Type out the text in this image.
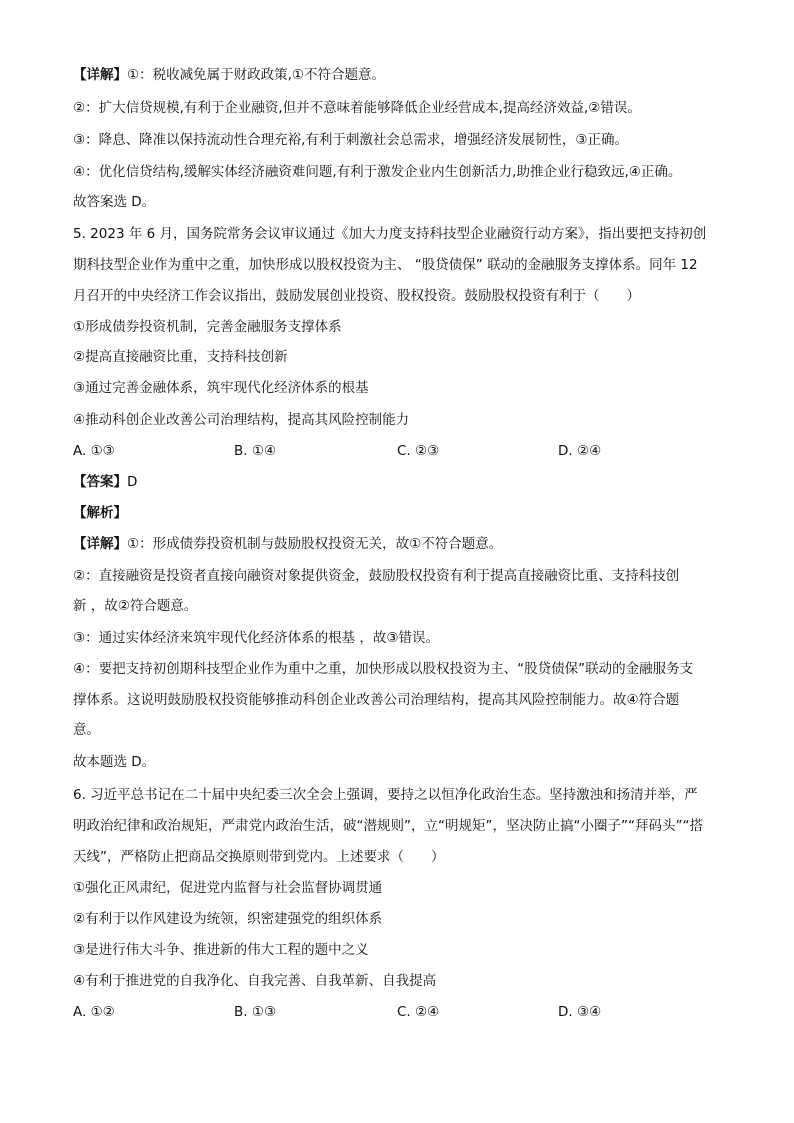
【详解】①：税收减免属于财政政策,①不符合题意。
②：扩大信贷规模,有利于企业融资,但并不意味着能够降低企业经营成本,提高经济效益,②错误。
③：降息、降准以保持流动性合理充裕,有利于刺激社会总需求，增强经济发展韧性，③正确。
④：优化信贷结构,缓解实体经济融资难问题,有利于激发企业内生创新活力,助推企业行稳致远,④正确。
故答案选 D。
5. 2023 年 6 月，国务院常务会议审议通过《加大力度支持科技型企业融资行动方案》，指出要把支持初创
期科技型企业作为重中之重，加快形成以股权投资为主、 “股贷债保” 联动的金融服务支撑体系。同年 12
月召开的中央经济工作会议指出，鼓励发展创业投资、股权投资。鼓励股权投资有利于（　　）
①形成债券投资机制，完善金融服务支撑体系
②提高直接融资比重，支持科技创新
③通过完善金融体系，筑牢现代化经济体系的根基
④推动科创企业改善公司治理结构，提高其风险控制能力
A. ①③	B. ①④	C. ②③	D. ②④
【答案】D
【解析】
【详解】①：形成债券投资机制与鼓励股权投资无关，故①不符合题意。
②：直接融资是投资者直接向融资对象提供资金，鼓励股权投资有利于提高直接融资比重、支持科技创
新 ，故②符合题意。
③：通过实体经济来筑牢现代化经济体系的根基 ，故③错误。
④：要把支持初创期科技型企业作为重中之重，加快形成以股权投资为主、“股贷债保”联动的金融服务支
撑体系。这说明鼓励股权投资能够推动科创企业改善公司治理结构，提高其风险控制能力。故④符合题
意。
故本题选 D。
6. 习近平总书记在二十届中央纪委三次全会上强调，要持之以恒净化政治生态。坚持激浊和扬清并举，严
明政治纪律和政治规矩，严肃党内政治生活，破“潜规则”，立“明规矩”，坚决防止搞“小圈子”“拜码头”“搭
天线”，严格防止把商品交换原则带到党内。上述要求（　　）
①强化正风肃纪，促进党内监督与社会监督协调贯通
②有利于以作风建设为统领，织密建强党的组织体系
③是进行伟大斗争、推进新的伟大工程的题中之义
④有利于推进党的自我净化、自我完善、自我革新、自我提高
A. ①②	B. ①③	C. ②④	D. ③④
